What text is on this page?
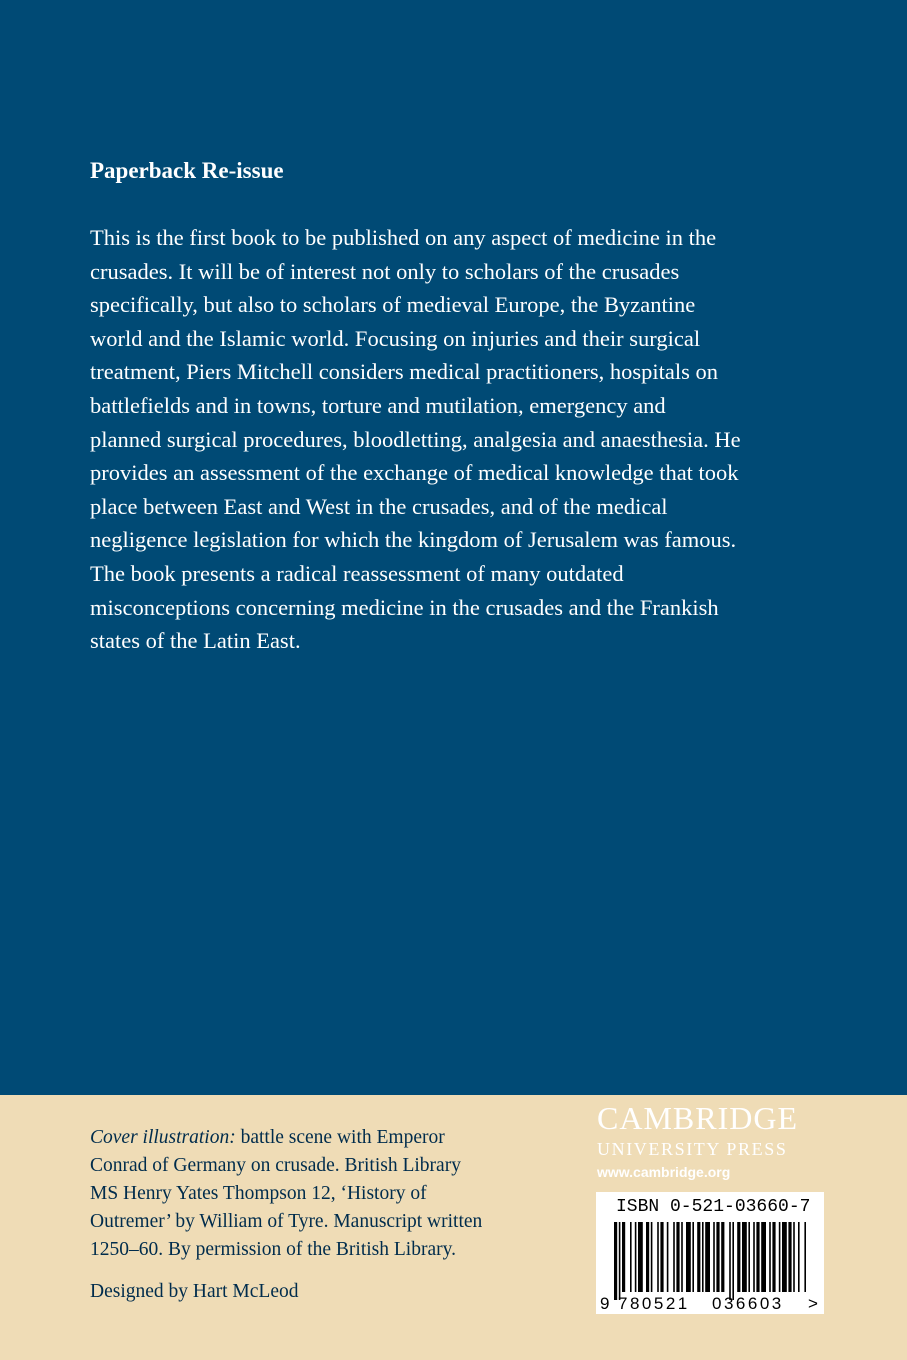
Paperback Re-issue

This is the first book to be published on any aspect of medicine in the
crusades. It will be of interest not only to scholars of the crusades
specifically, but also to scholars of medieval Europe, the Byzantine
world and the Islamic world. Focusing on injuries and their surgical
treatment, Piers Mitchell considers medical practitioners, hospitals on
battlefields and in towns, torture and mutilation, emergency and
planned surgical procedures, bloodletting, analgesia and anaesthesia. He
provides an assessment of the exchange of medical knowledge that took
place between East and West in the crusades, and of the medical
negligence legislation for which the kingdom of Jerusalem was famous.
The book presents a radical reassessment of many outdated
misconceptions concerning medicine in the crusades and the Frankish
states of the Latin East.

Cover illustration: battle scene with Emperor
Conrad of Germany on crusade. British Library
MS Henry Yates Thompson 12, ‘History of
Outremer’ by William of Tyre. Manuscript written
1250–60. By permission of the British Library.

Designed by Hart McLeod

CAMBRIDGE
UNIVERSITY PRESS
www.cambridge.org
ISBN 0-521-03660-7
9 780521 036603 >
